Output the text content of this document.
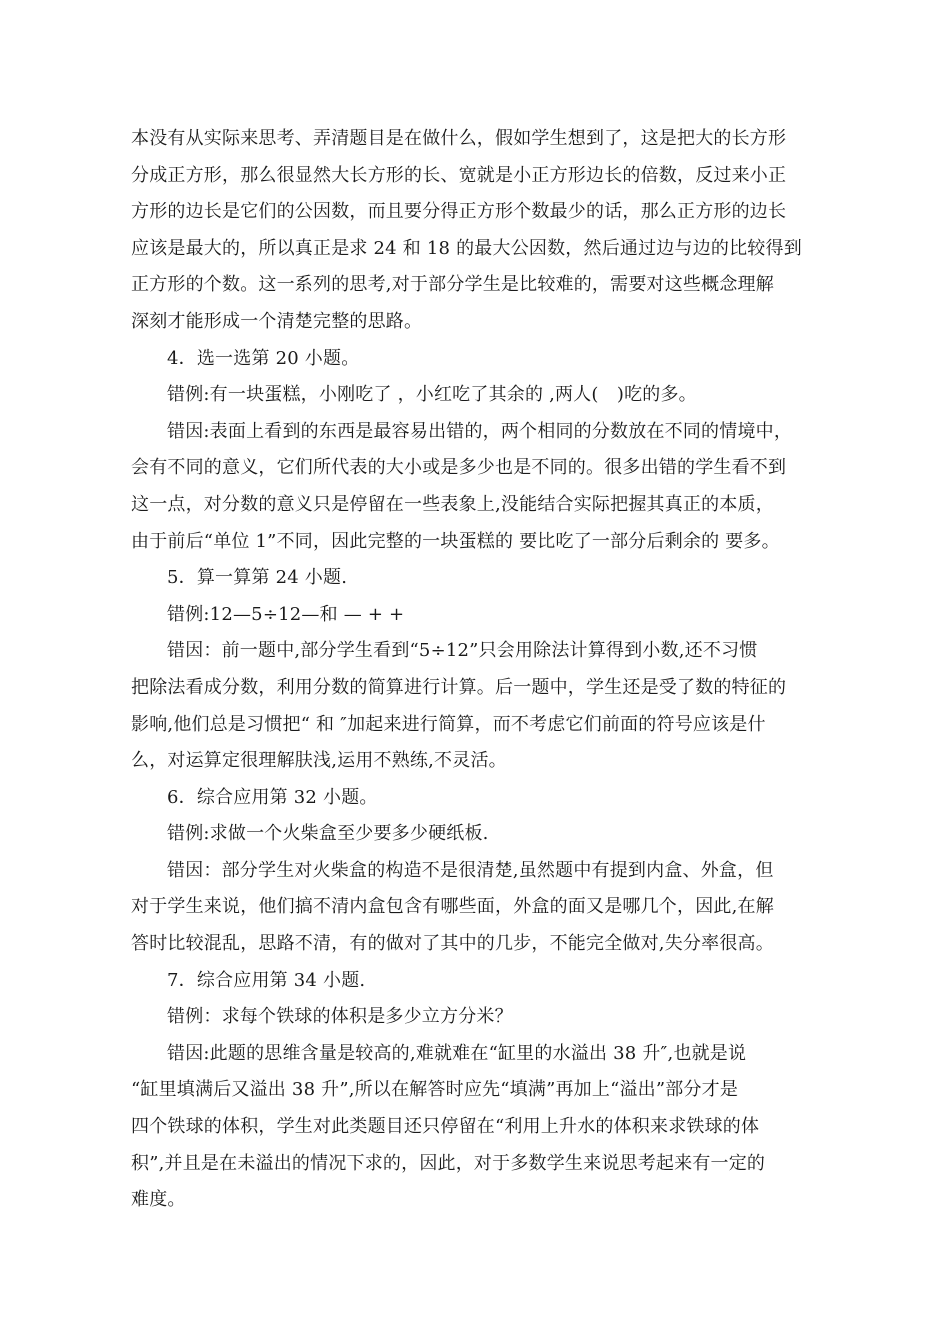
本没有从实际来思考、弄清题目是在做什么，假如学生想到了，这是把大的长方形
分成正方形，那么很显然大长方形的长、宽就是小正方形边长的倍数，反过来小正
方形的边长是它们的公因数，而且要分得正方形个数最少的话，那么正方形的边长
应该是最大的，所以真正是求 24 和 18 的最大公因数，然后通过边与边的比较得到
正方形的个数。这一系列的思考,对于部分学生是比较难的，需要对这些概念理解
深刻才能形成一个清楚完整的思路。
4．选一选第 20 小题。
错例:有一块蛋糕，小刚吃了 ，小红吃了其余的 ,两人(　)吃的多。
错因:表面上看到的东西是最容易出错的，两个相同的分数放在不同的情境中，
会有不同的意义，它们所代表的大小或是多少也是不同的。很多出错的学生看不到
这一点，对分数的意义只是停留在一些表象上,没能结合实际把握其真正的本质，
由于前后“单位 1”不同，因此完整的一块蛋糕的 要比吃了一部分后剩余的 要多。
5．算一算第 24 小题.
错例:12—5÷12—和 — + +
错因：前一题中,部分学生看到“5÷12”只会用除法计算得到小数,还不习惯
把除法看成分数，利用分数的简算进行计算。后一题中，学生还是受了数的特征的
影响,他们总是习惯把“ 和 ″加起来进行简算，而不考虑它们前面的符号应该是什
么，对运算定很理解肤浅,运用不熟练,不灵活。
6．综合应用第 32 小题。
错例:求做一个火柴盒至少要多少硬纸板.
错因：部分学生对火柴盒的构造不是很清楚,虽然题中有提到内盒、外盒，但
对于学生来说，他们搞不清内盒包含有哪些面，外盒的面又是哪几个，因此,在解
答时比较混乱，思路不清，有的做对了其中的几步，不能完全做对,失分率很高。
7．综合应用第 34 小题.
错例：求每个铁球的体积是多少立方分米？
错因:此题的思维含量是较高的,难就难在“缸里的水溢出 38 升″,也就是说
“缸里填满后又溢出 38 升”,所以在解答时应先“填满”再加上“溢出”部分才是
四个铁球的体积，学生对此类题目还只停留在“利用上升水的体积来求铁球的体
积”,并且是在未溢出的情况下求的，因此，对于多数学生来说思考起来有一定的
难度。
